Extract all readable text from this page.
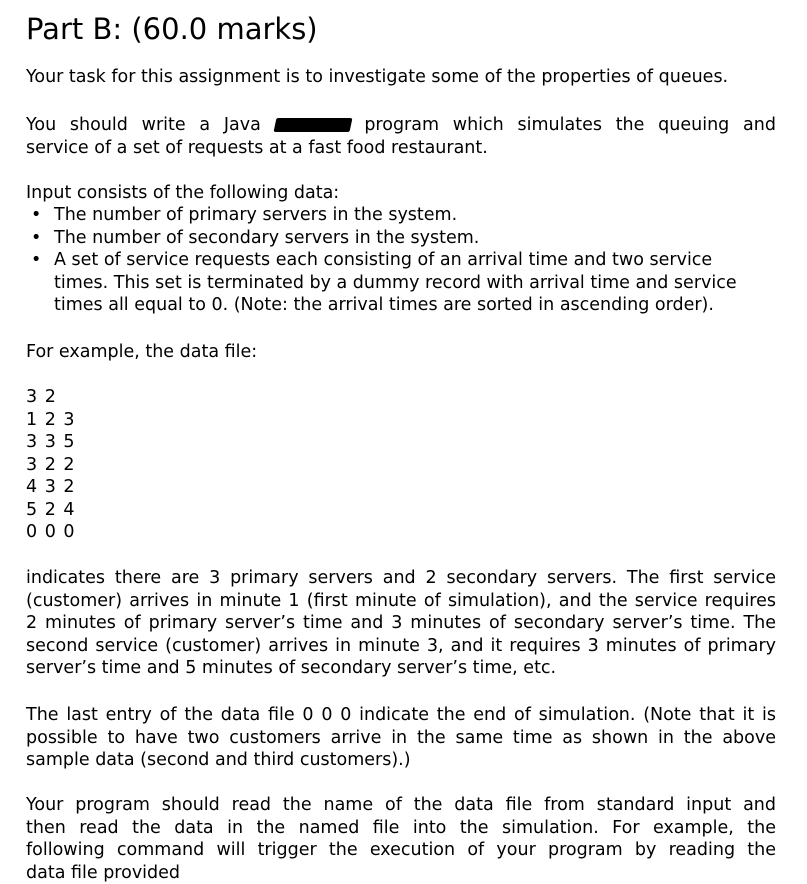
Part B: (60.0 marks)

Your task for this assignment is to investigate some of the properties of queues.

You should write a Java	program which simulates the queuing and
service of a set of requests at a fast food restaurant.

Input consists of the following data:

• The number of primary servers in the system.
• The number of secondary servers in the system.
• A set of service requests each consisting of an arrival time and two service
times. This set is terminated by a dummy record with arrival time and service
times all equal to 0. (Note: the arrival times are sorted in ascending order).

For example, the data file:

3 2
1 2 3
3 3 5
3 2 2
4 3 2
5 2 4
0 0 0

indicates there are 3 primary servers and 2 secondary servers. The first service
(customer) arrives in minute 1 (first minute of simulation), and the service requires
2 minutes of primary server’s time and 3 minutes of secondary server’s time. The
second service (customer) arrives in minute 3, and it requires 3 minutes of primary
server’s time and 5 minutes of secondary server’s time, etc.

The last entry of the data file 0 0 0 indicate the end of simulation. (Note that it is
possible to have two customers arrive in the same time as shown in the above
sample data (second and third customers).)

Your program should read the name of the data file from standard input and
then read the data in the named file into the simulation. For example, the
following command will trigger the execution of your program by reading the
data file provided
